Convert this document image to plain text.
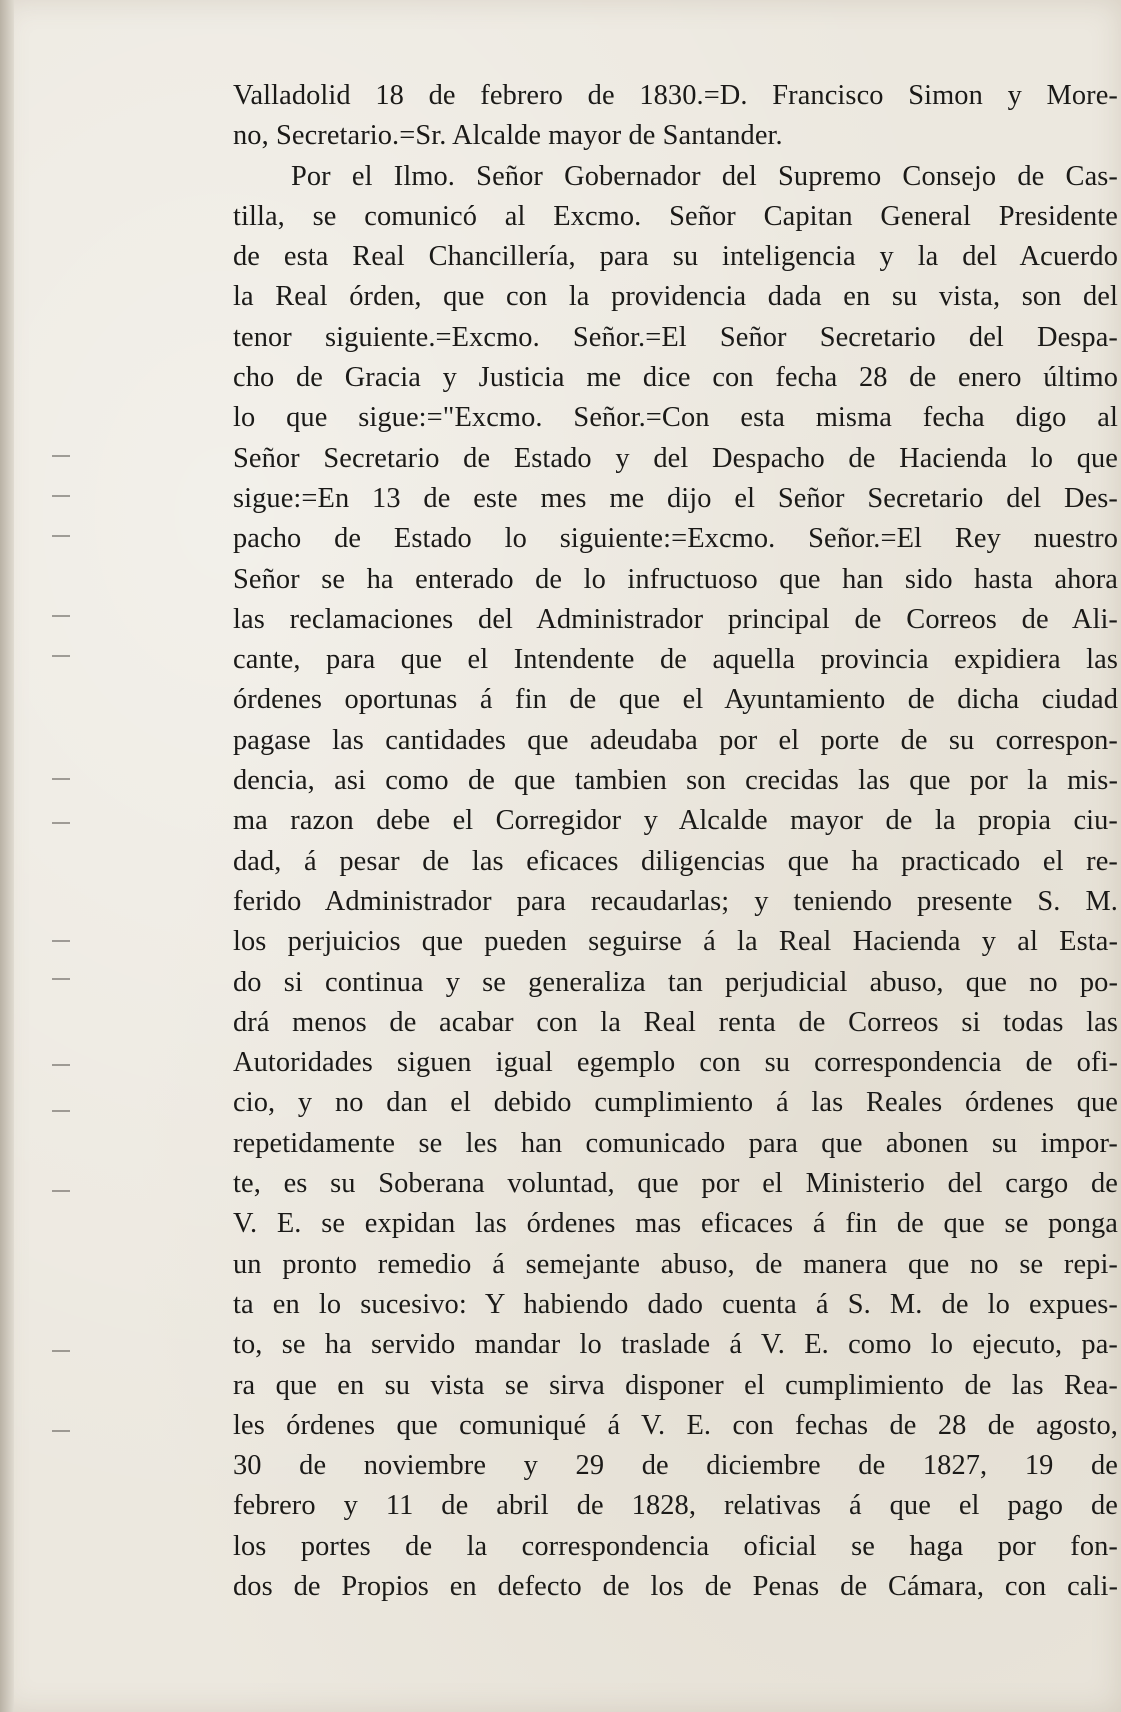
Valladolid 18 de febrero de 1830.=D. Francisco Simon y More-
no, Secretario.=Sr. Alcalde mayor de Santander.
Por el Ilmo. Señor Gobernador del Supremo Consejo de Cas-
tilla, se comunicó al Excmo. Señor Capitan General Presidente
de esta Real Chancillería, para su inteligencia y la del Acuerdo
la Real órden, que con la providencia dada en su vista, son del
tenor siguiente.=Excmo. Señor.=El Señor Secretario del Despa-
cho de Gracia y Justicia me dice con fecha 28 de enero último
lo que sigue:="Excmo. Señor.=Con esta misma fecha digo al
Señor Secretario de Estado y del Despacho de Hacienda lo que
sigue:=En 13 de este mes me dijo el Señor Secretario del Des-
pacho de Estado lo siguiente:=Excmo. Señor.=El Rey nuestro
Señor se ha enterado de lo infructuoso que han sido hasta ahora
las reclamaciones del Administrador principal de Correos de Ali-
cante, para que el Intendente de aquella provincia expidiera las
órdenes oportunas á fin de que el Ayuntamiento de dicha ciudad
pagase las cantidades que adeudaba por el porte de su correspon-
dencia, asi como de que tambien son crecidas las que por la mis-
ma razon debe el Corregidor y Alcalde mayor de la propia ciu-
dad, á pesar de las eficaces diligencias que ha practicado el re-
ferido Administrador para recaudarlas; y teniendo presente S. M.
los perjuicios que pueden seguirse á la Real Hacienda y al Esta-
do si continua y se generaliza tan perjudicial abuso, que no po-
drá menos de acabar con la Real renta de Correos si todas las
Autoridades siguen igual egemplo con su correspondencia de ofi-
cio, y no dan el debido cumplimiento á las Reales órdenes que
repetidamente se les han comunicado para que abonen su impor-
te, es su Soberana voluntad, que por el Ministerio del cargo de
V. E. se expidan las órdenes mas eficaces á fin de que se ponga
un pronto remedio á semejante abuso, de manera que no se repi-
ta en lo sucesivo: Y habiendo dado cuenta á S. M. de lo expues-
to, se ha servido mandar lo traslade á V. E. como lo ejecuto, pa-
ra que en su vista se sirva disponer el cumplimiento de las Rea-
les órdenes que comuniqué á V. E. con fechas de 28 de agosto,
30 de noviembre y 29 de diciembre de 1827, 19 de
febrero y 11 de abril de 1828, relativas á que el pago de
los portes de la correspondencia oficial se haga por fon-
dos de Propios en defecto de los de Penas de Cámara, con cali-
